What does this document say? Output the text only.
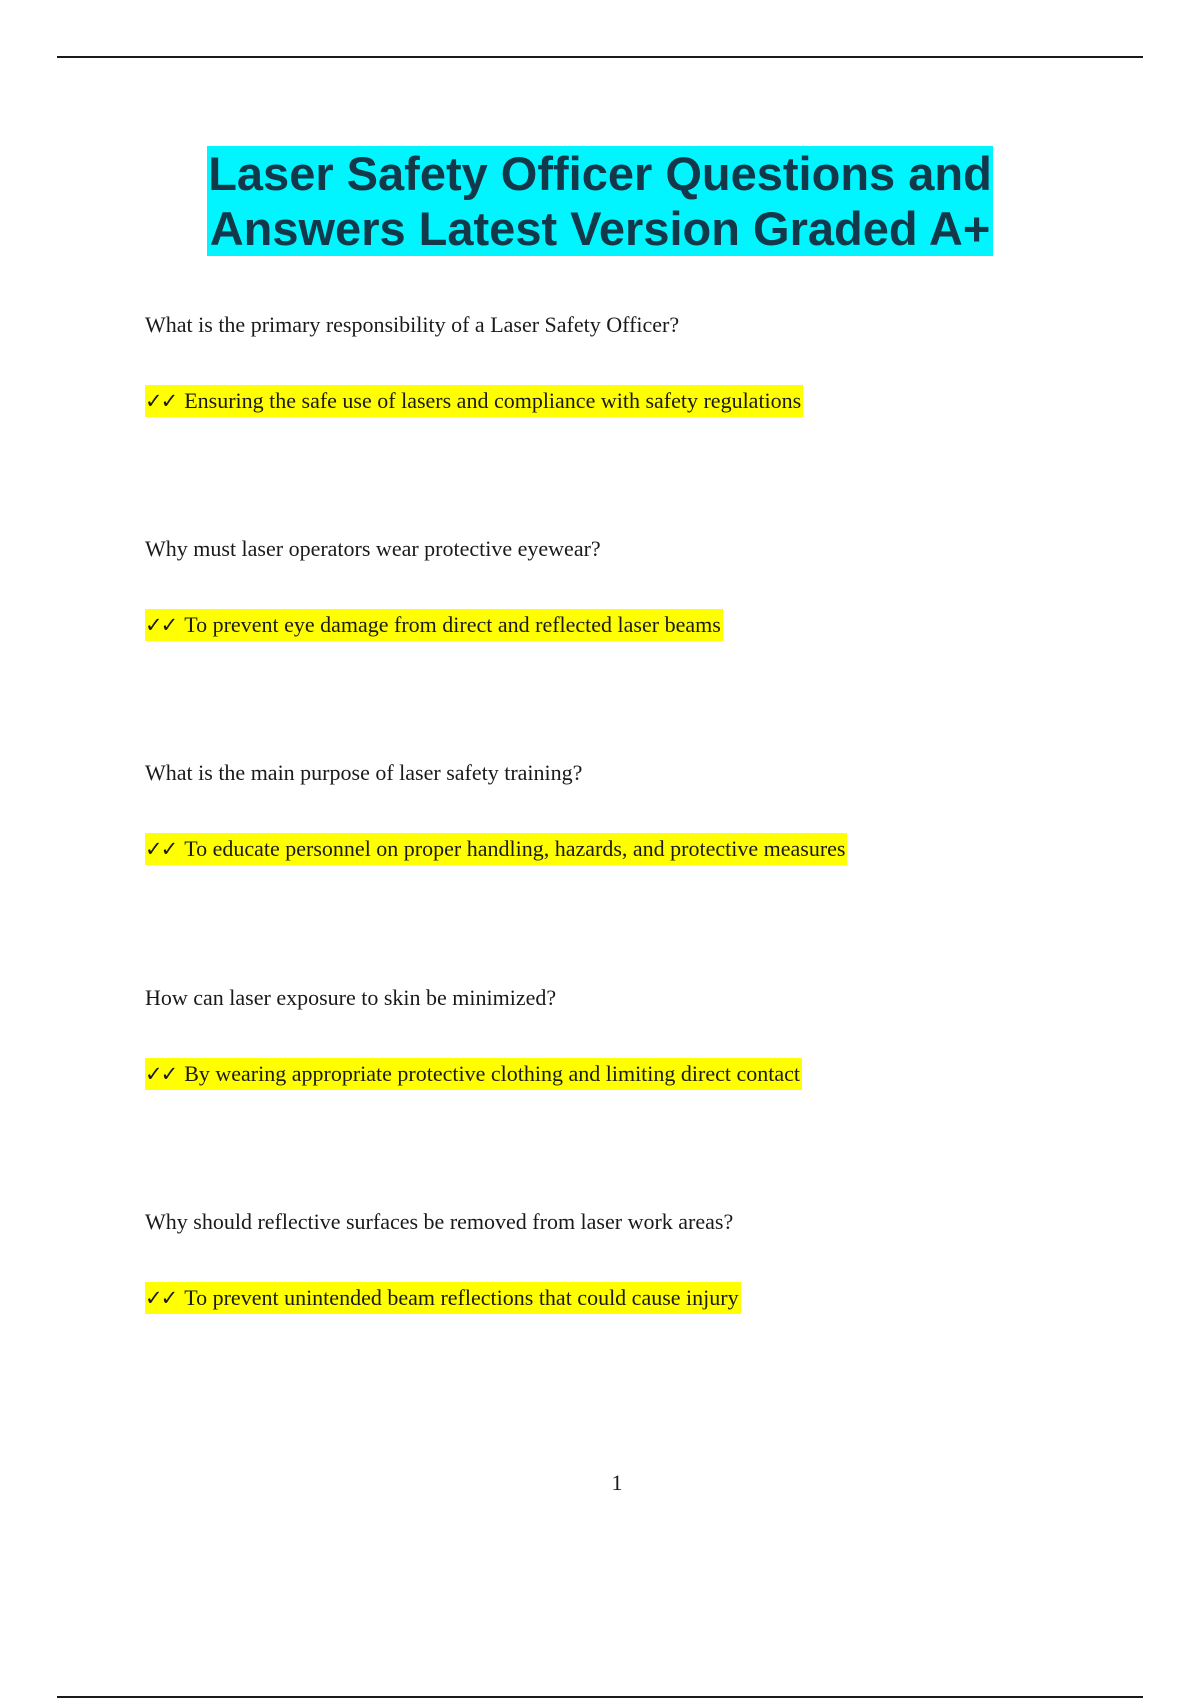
Laser Safety Officer Questions and
Answers Latest Version Graded A+
What is the primary responsibility of a Laser Safety Officer?
✓✓ Ensuring the safe use of lasers and compliance with safety regulations
Why must laser operators wear protective eyewear?
✓✓ To prevent eye damage from direct and reflected laser beams
What is the main purpose of laser safety training?
✓✓ To educate personnel on proper handling, hazards, and protective measures
How can laser exposure to skin be minimized?
✓✓ By wearing appropriate protective clothing and limiting direct contact
Why should reflective surfaces be removed from laser work areas?
✓✓ To prevent unintended beam reflections that could cause injury
1
